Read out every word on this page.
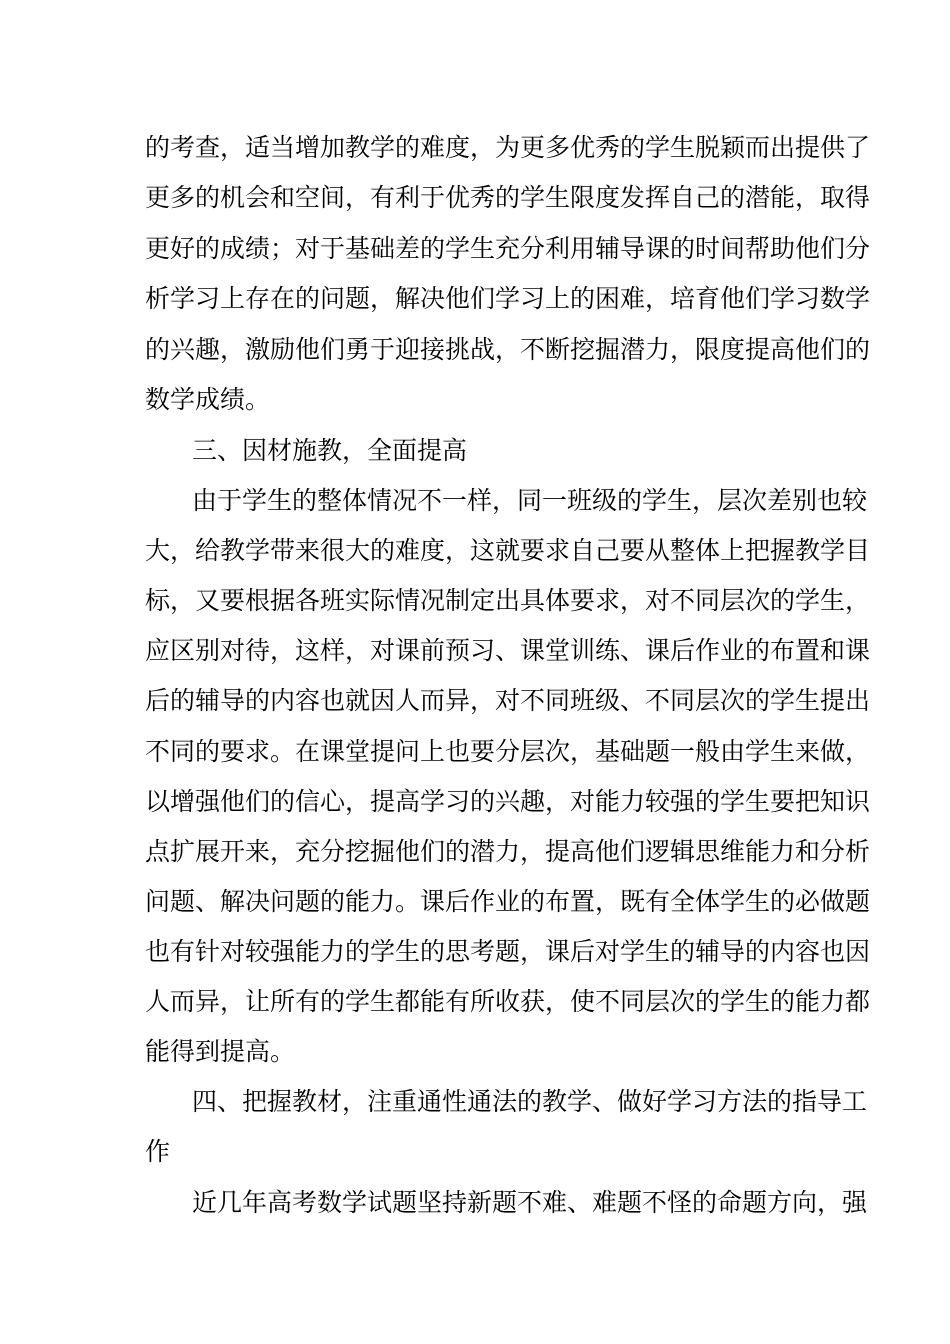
的考查，适当增加教学的难度，为更多优秀的学生脱颖而出提供了
更多的机会和空间，有利于优秀的学生限度发挥自己的潜能，取得
更好的成绩；对于基础差的学生充分利用辅导课的时间帮助他们分
析学习上存在的问题，解决他们学习上的困难，培育他们学习数学
的兴趣，激励他们勇于迎接挑战，不断挖掘潜力，限度提高他们的
数学成绩。
三、因材施教，全面提高
由于学生的整体情况不一样，同一班级的学生，层次差别也较
大，给教学带来很大的难度，这就要求自己要从整体上把握教学目
标，又要根据各班实际情况制定出具体要求，对不同层次的学生，
应区别对待，这样，对课前预习、课堂训练、课后作业的布置和课
后的辅导的内容也就因人而异，对不同班级、不同层次的学生提出
不同的要求。在课堂提问上也要分层次，基础题一般由学生来做，
以增强他们的信心，提高学习的兴趣，对能力较强的学生要把知识
点扩展开来，充分挖掘他们的潜力，提高他们逻辑思维能力和分析
问题、解决问题的能力。课后作业的布置，既有全体学生的必做题
也有针对较强能力的学生的思考题，课后对学生的辅导的内容也因
人而异，让所有的学生都能有所收获，使不同层次的学生的能力都
能得到提高。
四、把握教材，注重通性通法的教学、做好学习方法的指导工
作
近几年高考数学试题坚持新题不难、难题不怪的命题方向，强
